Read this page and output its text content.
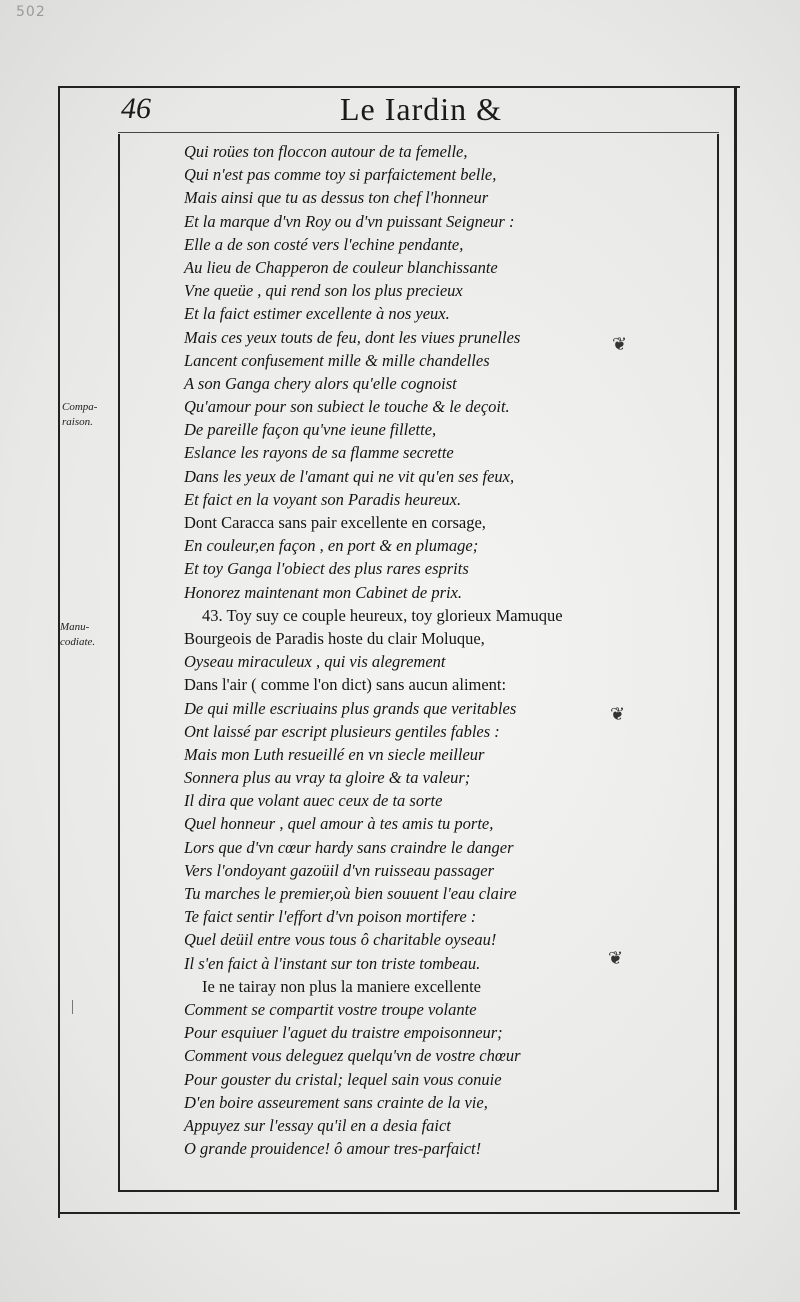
502
46	Le Iardin &
Compa-
raison.
Manu-
codiate.
❦
❦
❦
Qui roües ton floccon autour de ta femelle,
Qui n'est pas comme toy si parfaictement belle,
Mais ainsi que tu as dessus ton chef l'honneur
Et la marque d'vn Roy ou d'vn puissant Seigneur :
Elle a de son costé vers l'echine pendante,
Au lieu de Chapperon de couleur blanchissante
Vne queüe , qui rend son los plus precieux
Et la faict estimer excellente à nos yeux.
Mais ces yeux touts de feu, dont les viues prunelles
Lancent confusement mille & mille chandelles
A son Ganga chery alors qu'elle cognoist
Qu'amour pour son subiect le touche & le deçoit.
De pareille façon qu'vne ieune fillette,
Eslance les rayons de sa flamme secrette
Dans les yeux de l'amant qui ne vit qu'en ses feux,
Et faict en la voyant son Paradis heureux.
Dont Caracca sans pair excellente en corsage,
En couleur,en façon , en port & en plumage;
Et toy Ganga l'obiect des plus rares esprits
Honorez maintenant mon Cabinet de prix.
43. Toy suy ce couple heureux, toy glorieux Mamuque
Bourgeois de Paradis hoste du clair Moluque,
Oyseau miraculeux , qui vis alegrement
Dans l'air ( comme l'on dict) sans aucun aliment:
De qui mille escriuains plus grands que veritables
Ont laissé par escript plusieurs gentiles fables :
Mais mon Luth resueillé en vn siecle meilleur
Sonnera plus au vray ta gloire & ta valeur;
Il dira que volant auec ceux de ta sorte
Quel honneur , quel amour à tes amis tu porte,
Lors que d'vn cœur hardy sans craindre le danger
Vers l'ondoyant gazoüil d'vn ruisseau passager
Tu marches le premier,où bien souuent l'eau claire
Te faict sentir l'effort d'vn poison mortifere :
Quel deüil entre vous tous ô charitable oyseau!
Il s'en faict à l'instant sur ton triste tombeau.
Ie ne tairay non plus la maniere excellente
Comment se compartit vostre troupe volante
Pour esquiuer l'aguet du traistre empoisonneur;
Comment vous deleguez quelqu'vn de vostre chœur
Pour gouster du cristal; lequel sain vous conuie
D'en boire asseurement sans crainte de la vie,
Appuyez sur l'essay qu'il en a desia faict
O grande prouidence! ô amour tres-parfaict!
